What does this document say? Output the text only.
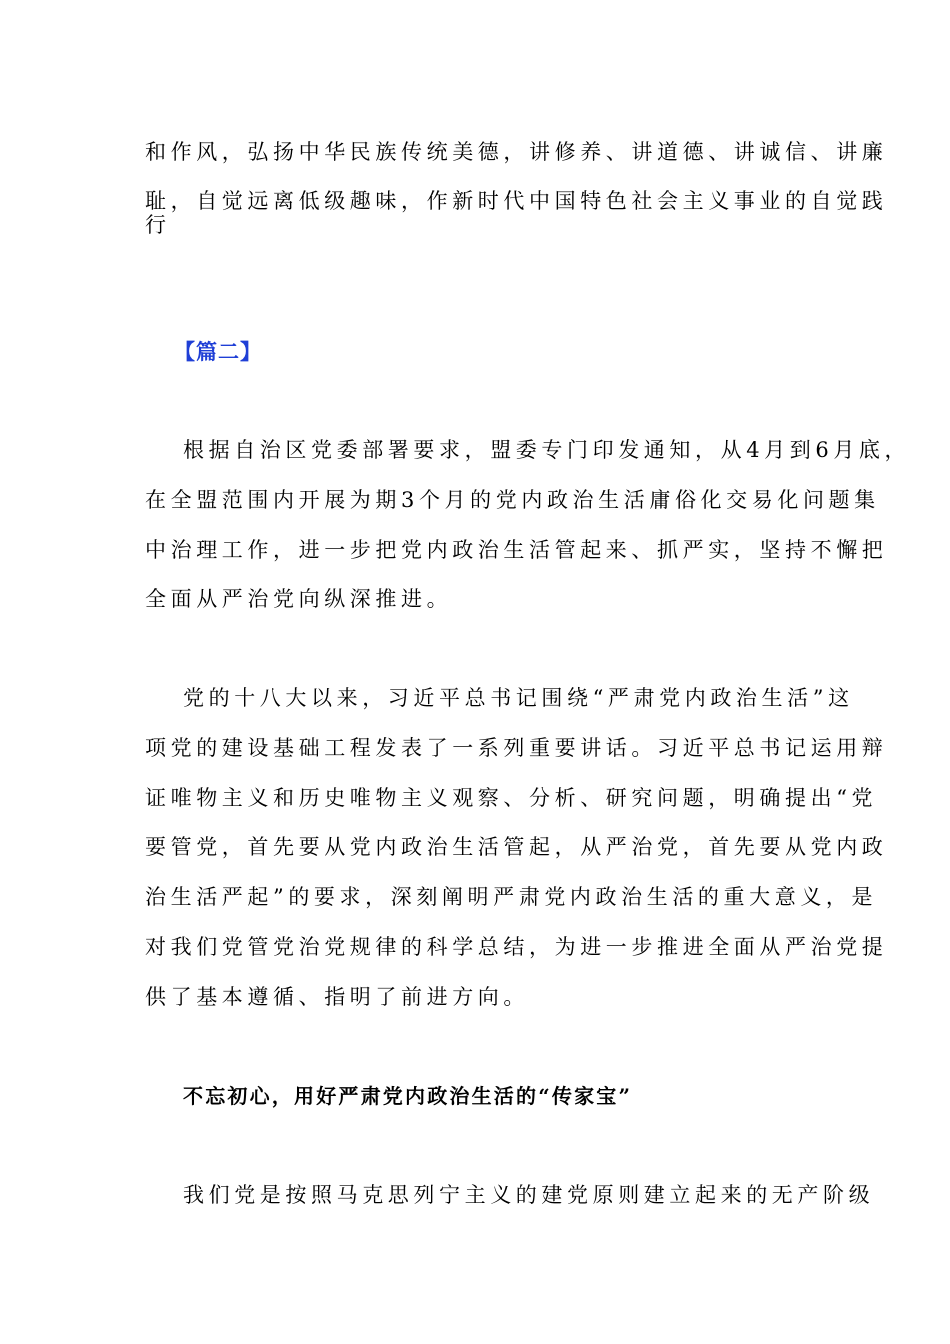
和作风，弘扬中华民族传统美德，讲修养、讲道德、讲诚信、讲廉
耻，自觉远离低级趣味，作新时代中国特色社会主义事业的自觉践
行
【篇二】
根据自治区党委部署要求，盟委专门印发通知，从4月到6月底，
在全盟范围内开展为期3个月的党内政治生活庸俗化交易化问题集
中治理工作，进一步把党内政治生活管起来、抓严实，坚持不懈把
全面从严治党向纵深推进。
党的十八大以来，习近平总书记围绕“严肃党内政治生活”这
项党的建设基础工程发表了一系列重要讲话。习近平总书记运用辩
证唯物主义和历史唯物主义观察、分析、研究问题，明确提出“党
要管党，首先要从党内政治生活管起，从严治党，首先要从党内政
治生活严起”的要求，深刻阐明严肃党内政治生活的重大意义，是
对我们党管党治党规律的科学总结，为进一步推进全面从严治党提
供了基本遵循、指明了前进方向。
不忘初心，用好严肃党内政治生活的“传家宝”
我们党是按照马克思列宁主义的建党原则建立起来的无产阶级
